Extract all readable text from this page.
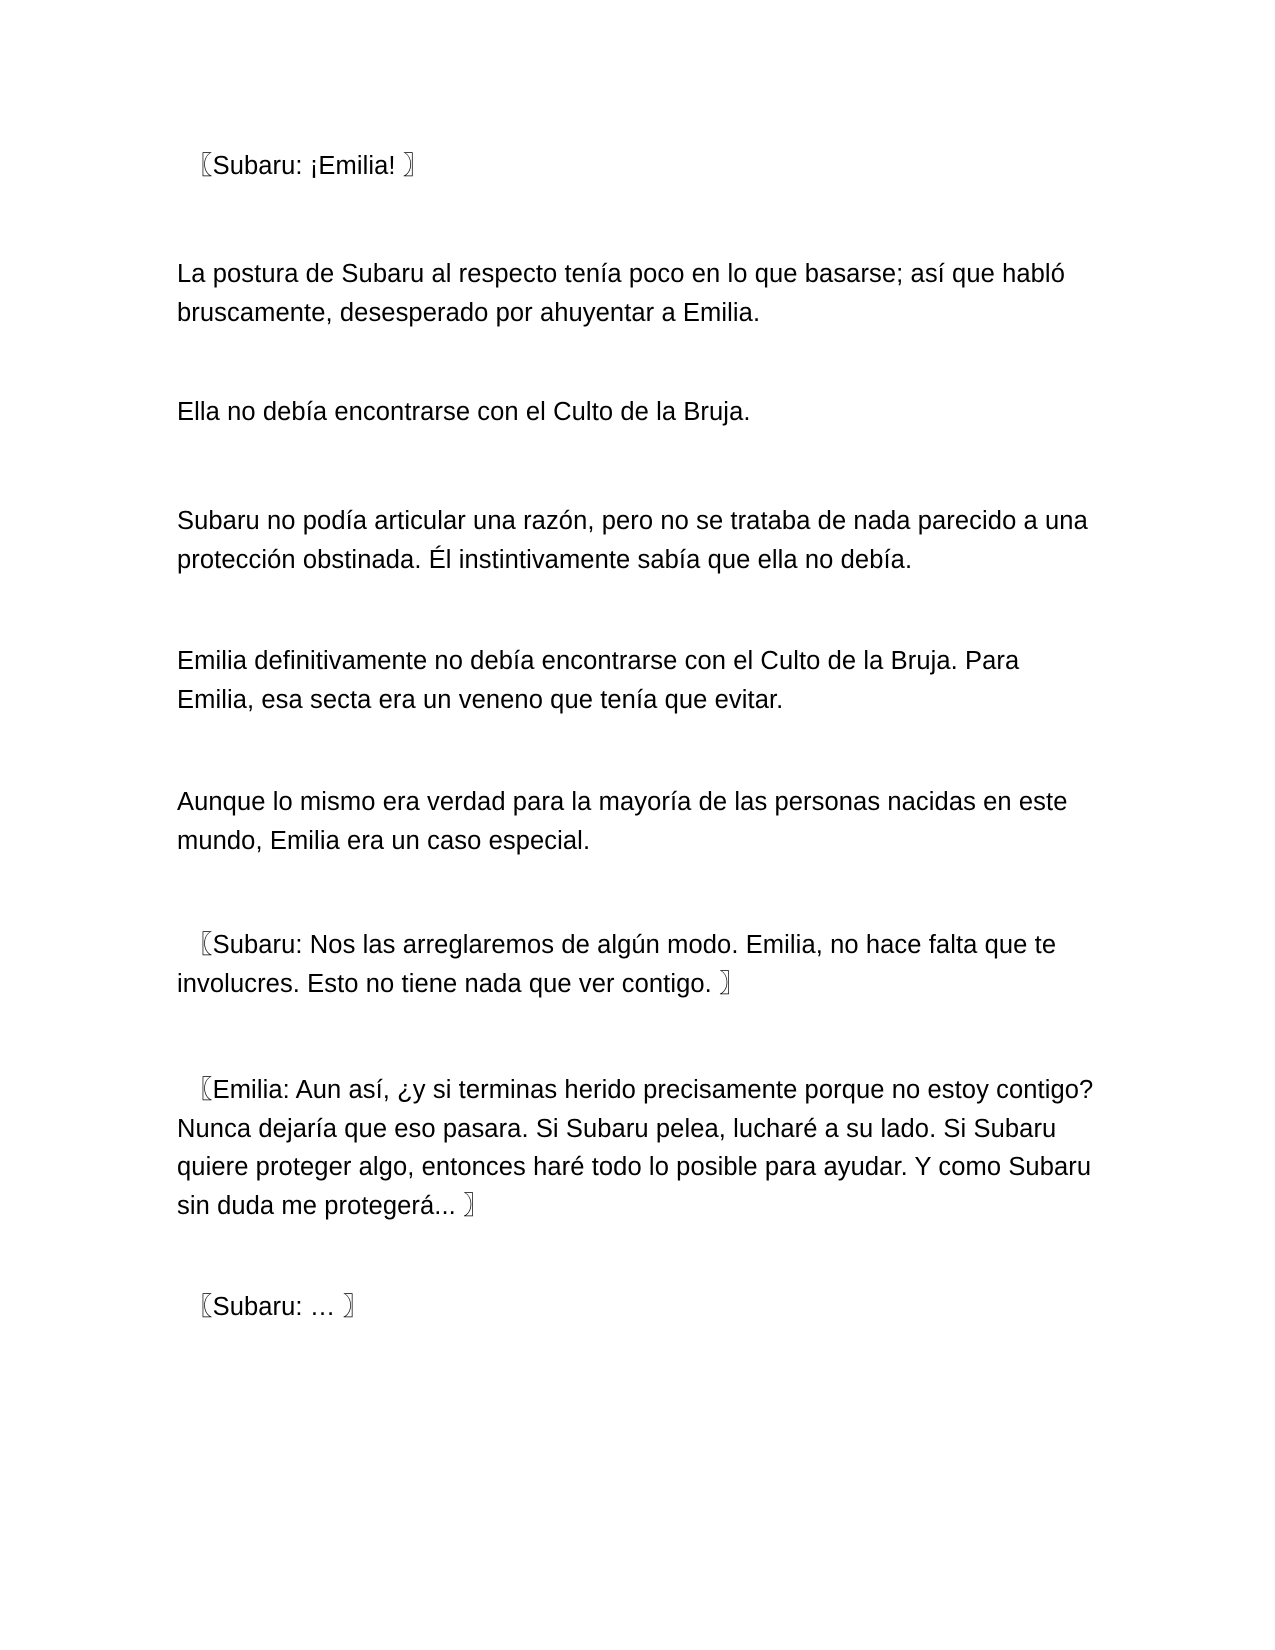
〖Subaru: ¡Emilia! 〗

La postura de Subaru al respecto tenía poco en lo que basarse; así que habló bruscamente, desesperado por ahuyentar a Emilia.

Ella no debía encontrarse con el Culto de la Bruja.

Subaru no podía articular una razón, pero no se trataba de nada parecido a una protección obstinada. Él instintivamente sabía que ella no debía.

Emilia definitivamente no debía encontrarse con el Culto de la Bruja. Para Emilia, esa secta era un veneno que tenía que evitar.

Aunque lo mismo era verdad para la mayoría de las personas nacidas en este mundo, Emilia era un caso especial.

〖Subaru: Nos las arreglaremos de algún modo. Emilia, no hace falta que te involucres. Esto no tiene nada que ver contigo. 〗

〖Emilia: Aun así, ¿y si terminas herido precisamente porque no estoy contigo? Nunca dejaría que eso pasara. Si Subaru pelea, lucharé a su lado. Si Subaru quiere proteger algo, entonces haré todo lo posible para ayudar. Y como Subaru sin duda me protegerá... 〗

〖Subaru: … 〗
